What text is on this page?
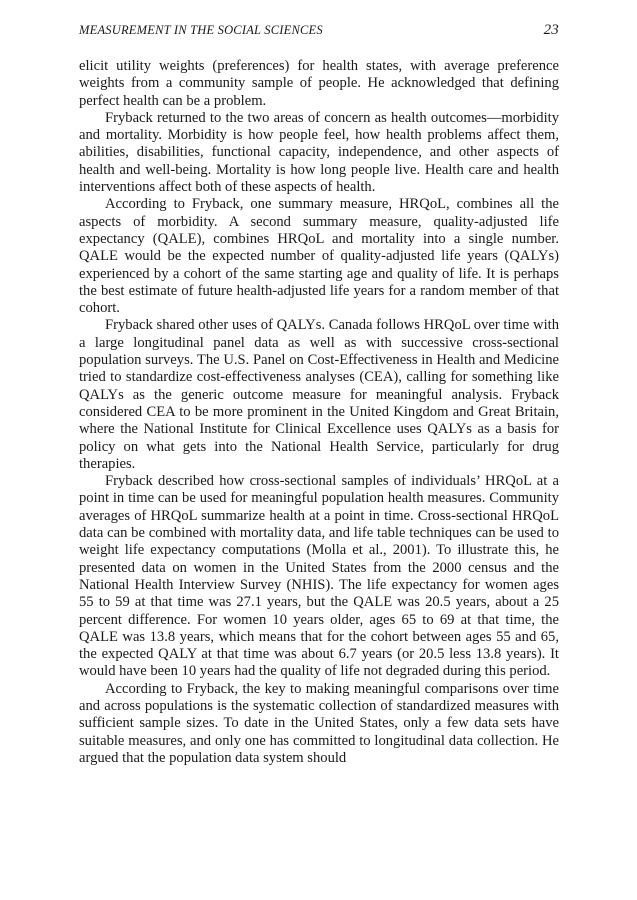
MEASUREMENT IN THE SOCIAL SCIENCES	23

elicit utility weights (preferences) for health states, with average preference weights from a community sample of people. He acknowledged that defining perfect health can be a problem.

Fryback returned to the two areas of concern as health outcomes—morbidity and mortality. Morbidity is how people feel, how health problems affect them, abilities, disabilities, functional capacity, independence, and other aspects of health and well-being. Mortality is how long people live. Health care and health interventions affect both of these aspects of health.

According to Fryback, one summary measure, HRQoL, combines all the aspects of morbidity. A second summary measure, quality-adjusted life expectancy (QALE), combines HRQoL and mortality into a single number. QALE would be the expected number of quality-adjusted life years (QALYs) experienced by a cohort of the same starting age and quality of life. It is perhaps the best estimate of future health-adjusted life years for a random member of that cohort.

Fryback shared other uses of QALYs. Canada follows HRQoL over time with a large longitudinal panel data as well as with successive cross-sectional population surveys. The U.S. Panel on Cost-Effectiveness in Health and Medicine tried to standardize cost-effectiveness analyses (CEA), calling for something like QALYs as the generic outcome measure for meaningful analysis. Fryback considered CEA to be more prominent in the United Kingdom and Great Britain, where the National Institute for Clinical Excellence uses QALYs as a basis for policy on what gets into the National Health Service, particularly for drug therapies.

Fryback described how cross-sectional samples of individuals’ HRQoL at a point in time can be used for meaningful population health measures. Community averages of HRQoL summarize health at a point in time. Cross-sectional HRQoL data can be combined with mortality data, and life table techniques can be used to weight life expectancy computations (Molla et al., 2001). To illustrate this, he presented data on women in the United States from the 2000 census and the National Health Interview Survey (NHIS). The life expectancy for women ages 55 to 59 at that time was 27.1 years, but the QALE was 20.5 years, about a 25 percent difference. For women 10 years older, ages 65 to 69 at that time, the QALE was 13.8 years, which means that for the cohort between ages 55 and 65, the expected QALY at that time was about 6.7 years (or 20.5 less 13.8 years). It would have been 10 years had the quality of life not degraded during this period.

According to Fryback, the key to making meaningful comparisons over time and across populations is the systematic collection of standardized measures with sufficient sample sizes. To date in the United States, only a few data sets have suitable measures, and only one has committed to longitudinal data collection. He argued that the population data system should
